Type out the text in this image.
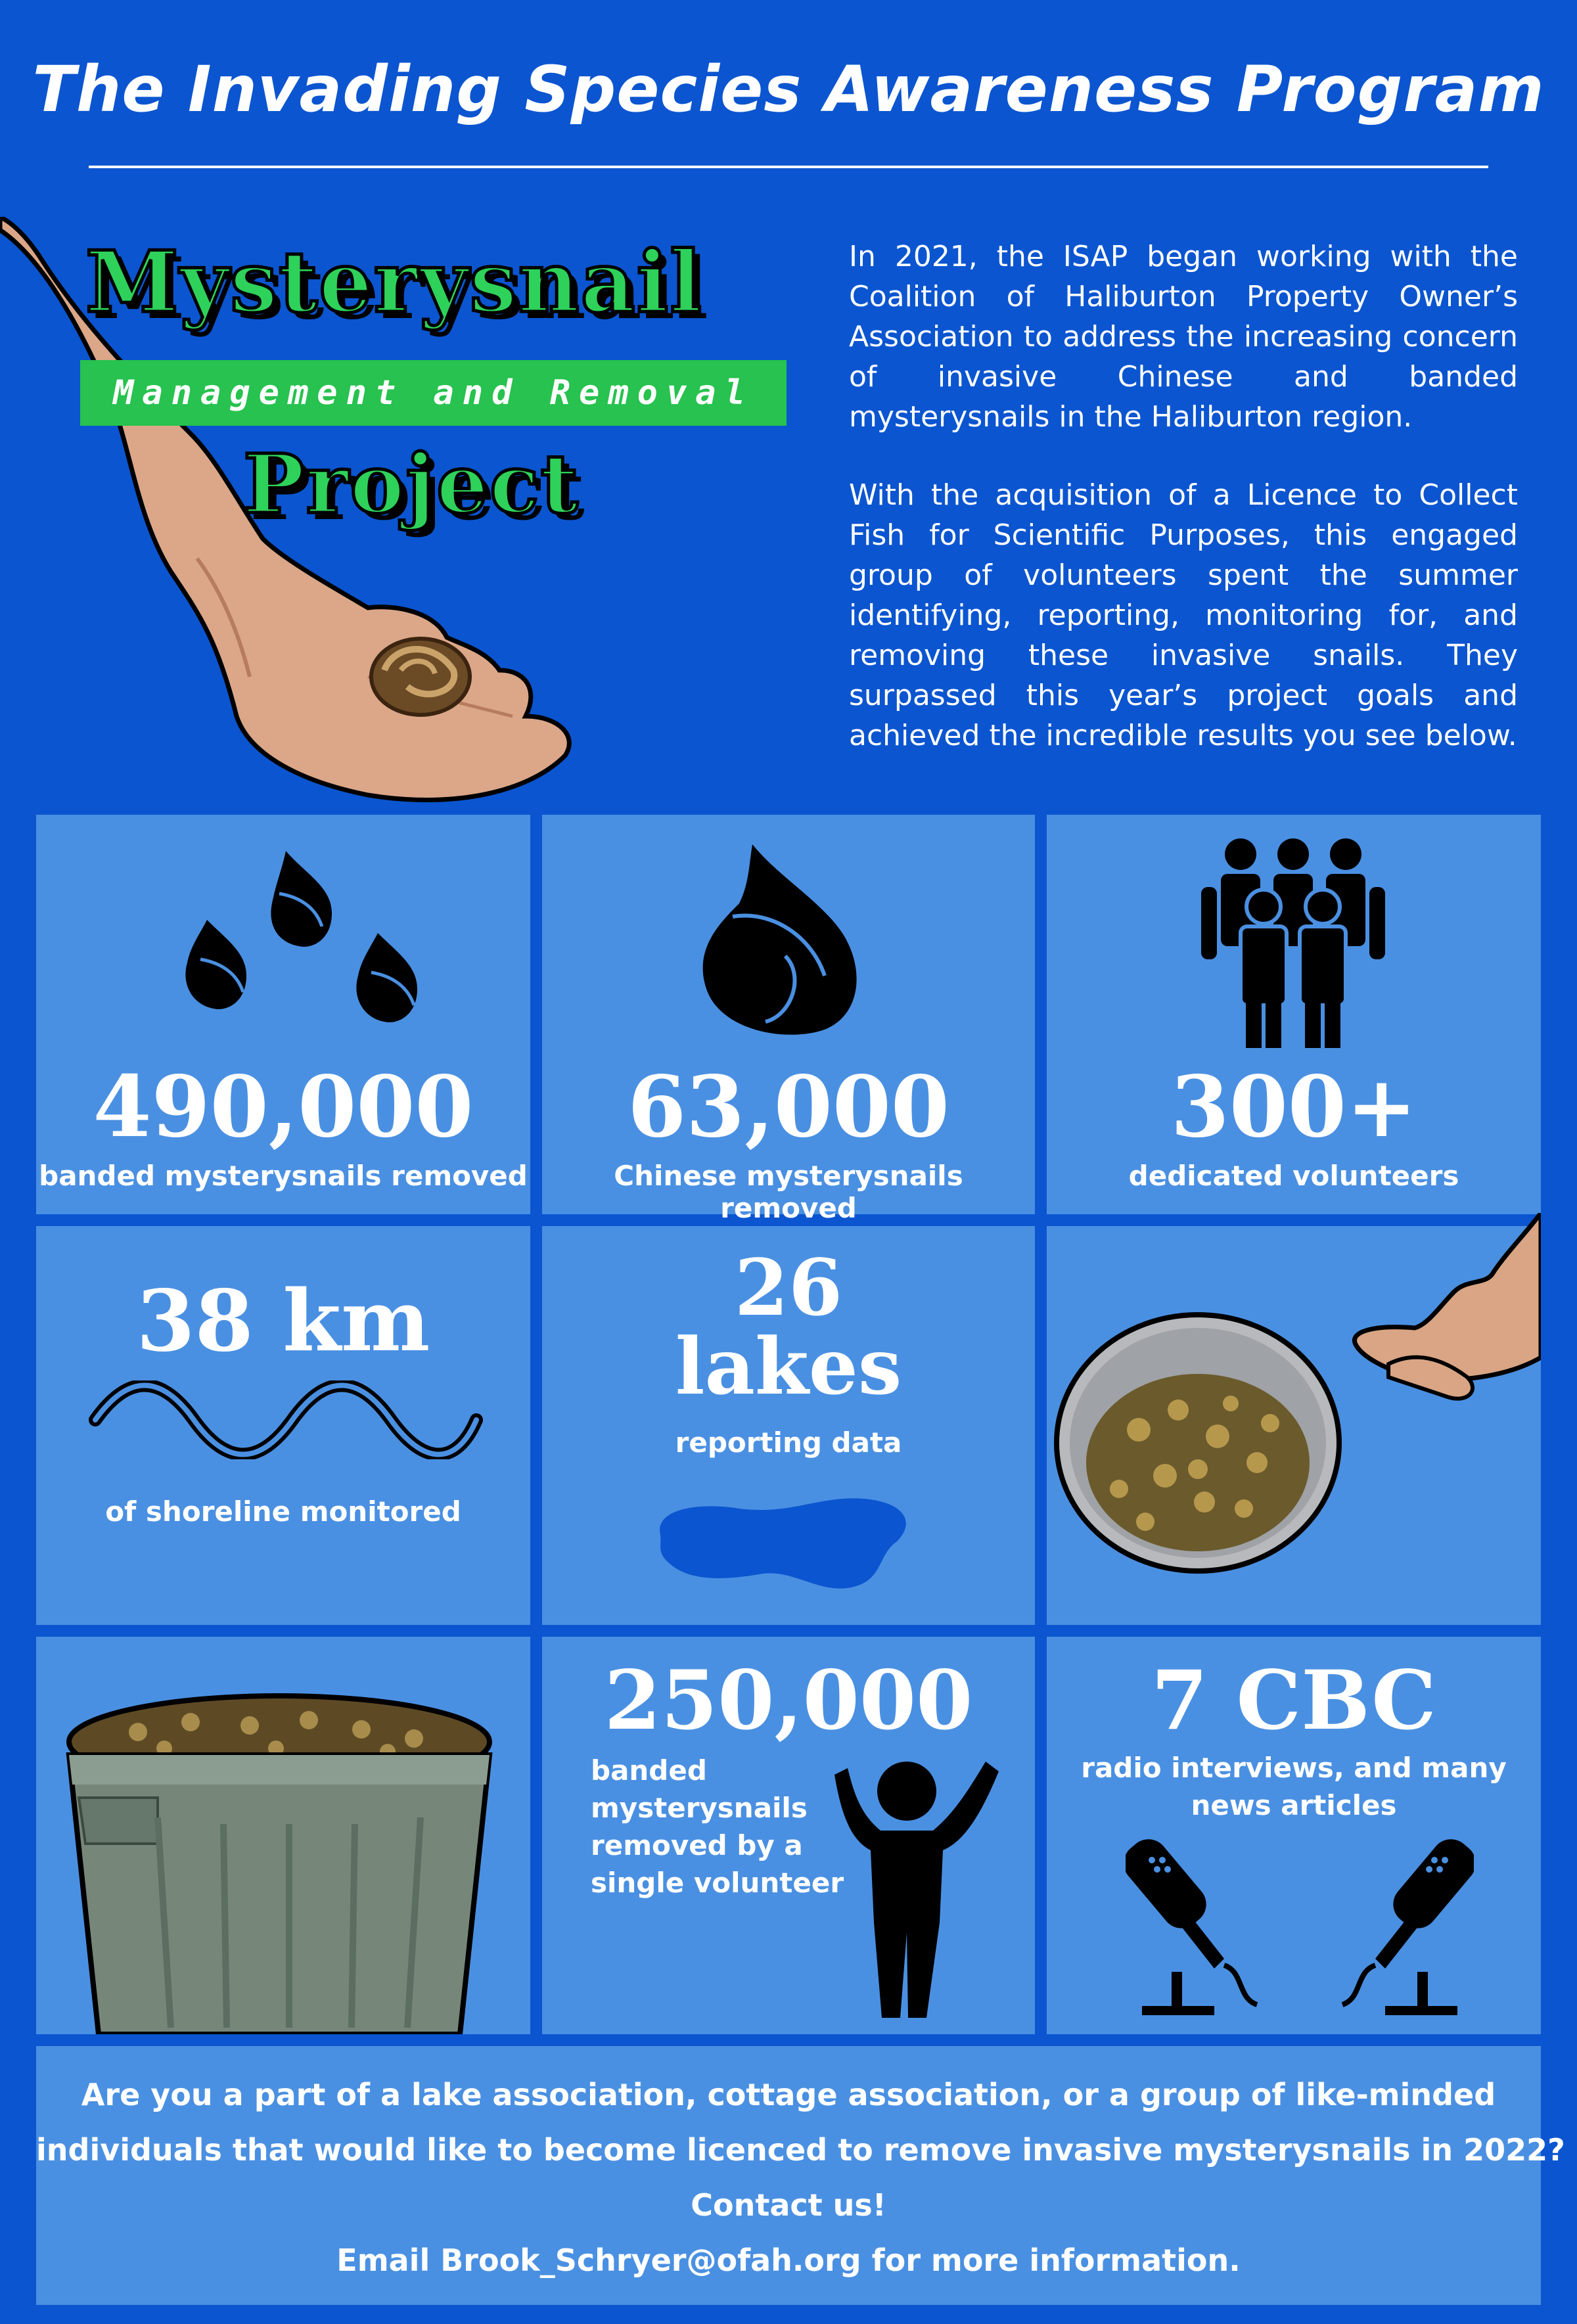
The Invading Species Awareness Program
Mysterysnail
Management and Removal
Project

In 2021, the ISAP began working with the Coalition of Haliburton Property Owner’s Association to address the increasing concern of invasive Chinese and banded mysterysnails in the Haliburton region.

With the acquisition of a Licence to Collect Fish for Scientific Purposes, this engaged group of volunteers spent the summer identifying, reporting, monitoring for, and removing these invasive snails. They surpassed this year’s project goals and achieved the incredible results you see below.

490,000
banded mysterysnails removed
63,000
Chinese mysterysnails removed
300+
dedicated volunteers
38 km
of shoreline monitored
26
lakes
reporting data
250,000
banded
mysterysnails
removed by a
single volunteer
7 CBC
radio interviews, and many
news articles
Are you a part of a lake association, cottage association, or a group of like-minded
individuals that would like to become licenced to remove invasive mysterysnails in 2022?
Contact us!
Email Brook_Schryer@ofah.org for more information.
